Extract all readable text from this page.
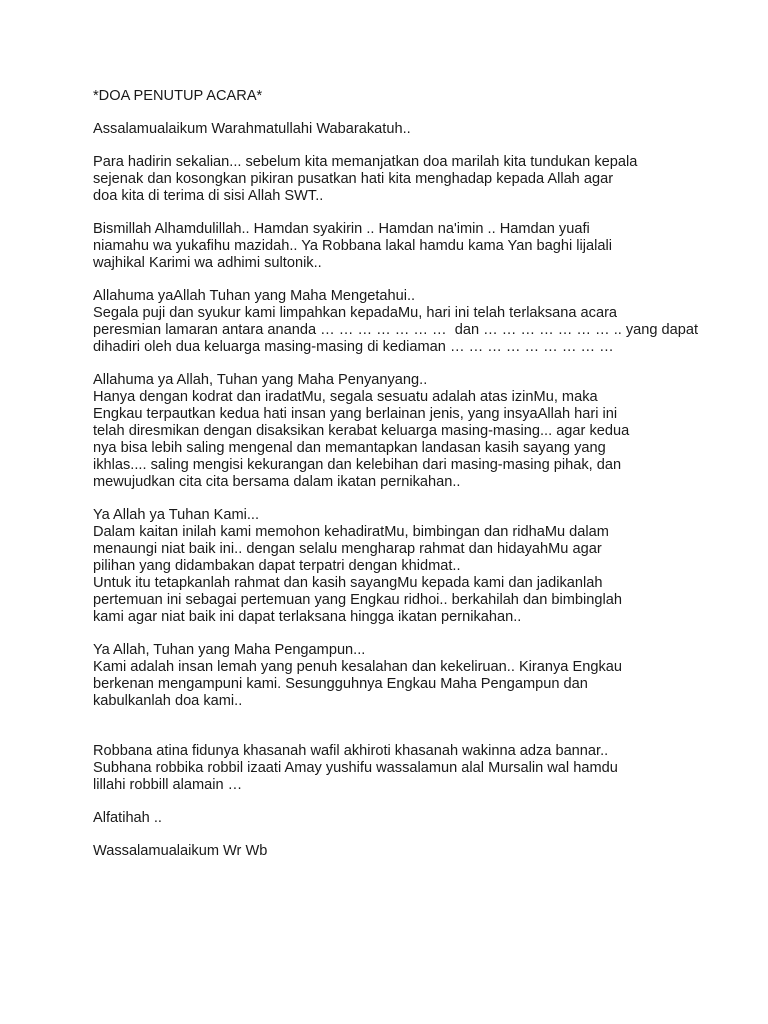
*DOA PENUTUP ACARA*
Assalamualaikum Warahmatullahi Wabarakatuh..
Para hadirin sekalian... sebelum kita memanjatkan doa marilah kita tundukan kepala
sejenak dan kosongkan pikiran pusatkan hati kita menghadap kepada Allah agar
doa kita di terima di sisi Allah SWT..
Bismillah Alhamdulillah.. Hamdan syakirin .. Hamdan na'imin .. Hamdan yuafi
niamahu wa yukafihu mazidah.. Ya Robbana lakal hamdu kama Yan baghi lijalali
wajhikal Karimi wa adhimi sultonik..
Allahuma yaAllah Tuhan yang Maha Mengetahui..
Segala puji dan syukur kami limpahkan kepadaMu, hari ini telah terlaksana acara
peresmian lamaran antara ananda … … … … … … …  dan … … … … … … … .. yang dapat
dihadiri oleh dua keluarga masing-masing di kediaman … … … … … … … … …
Allahuma ya Allah, Tuhan yang Maha Penyanyang..
Hanya dengan kodrat dan iradatMu, segala sesuatu adalah atas izinMu, maka
Engkau terpautkan kedua hati insan yang berlainan jenis, yang insyaAllah hari ini
telah diresmikan dengan disaksikan kerabat keluarga masing-masing... agar kedua
nya bisa lebih saling mengenal dan memantapkan landasan kasih sayang yang
ikhlas.... saling mengisi kekurangan dan kelebihan dari masing-masing pihak, dan
mewujudkan cita cita bersama dalam ikatan pernikahan..
Ya Allah ya Tuhan Kami...
Dalam kaitan inilah kami memohon kehadiratMu, bimbingan dan ridhaMu dalam
menaungi niat baik ini.. dengan selalu mengharap rahmat dan hidayahMu agar
pilihan yang didambakan dapat terpatri dengan khidmat..
Untuk itu tetapkanlah rahmat dan kasih sayangMu kepada kami dan jadikanlah
pertemuan ini sebagai pertemuan yang Engkau ridhoi.. berkahilah dan bimbinglah
kami agar niat baik ini dapat terlaksana hingga ikatan pernikahan..
Ya Allah, Tuhan yang Maha Pengampun...
Kami adalah insan lemah yang penuh kesalahan dan kekeliruan.. Kiranya Engkau
berkenan mengampuni kami. Sesungguhnya Engkau Maha Pengampun dan
kabulkanlah doa kami..
Robbana atina fidunya khasanah wafil akhiroti khasanah wakinna adza bannar..
Subhana robbika robbil izaati Amay yushifu wassalamun alal Mursalin wal hamdu
lillahi robbill alamain …
Alfatihah ..
Wassalamualaikum Wr Wb
